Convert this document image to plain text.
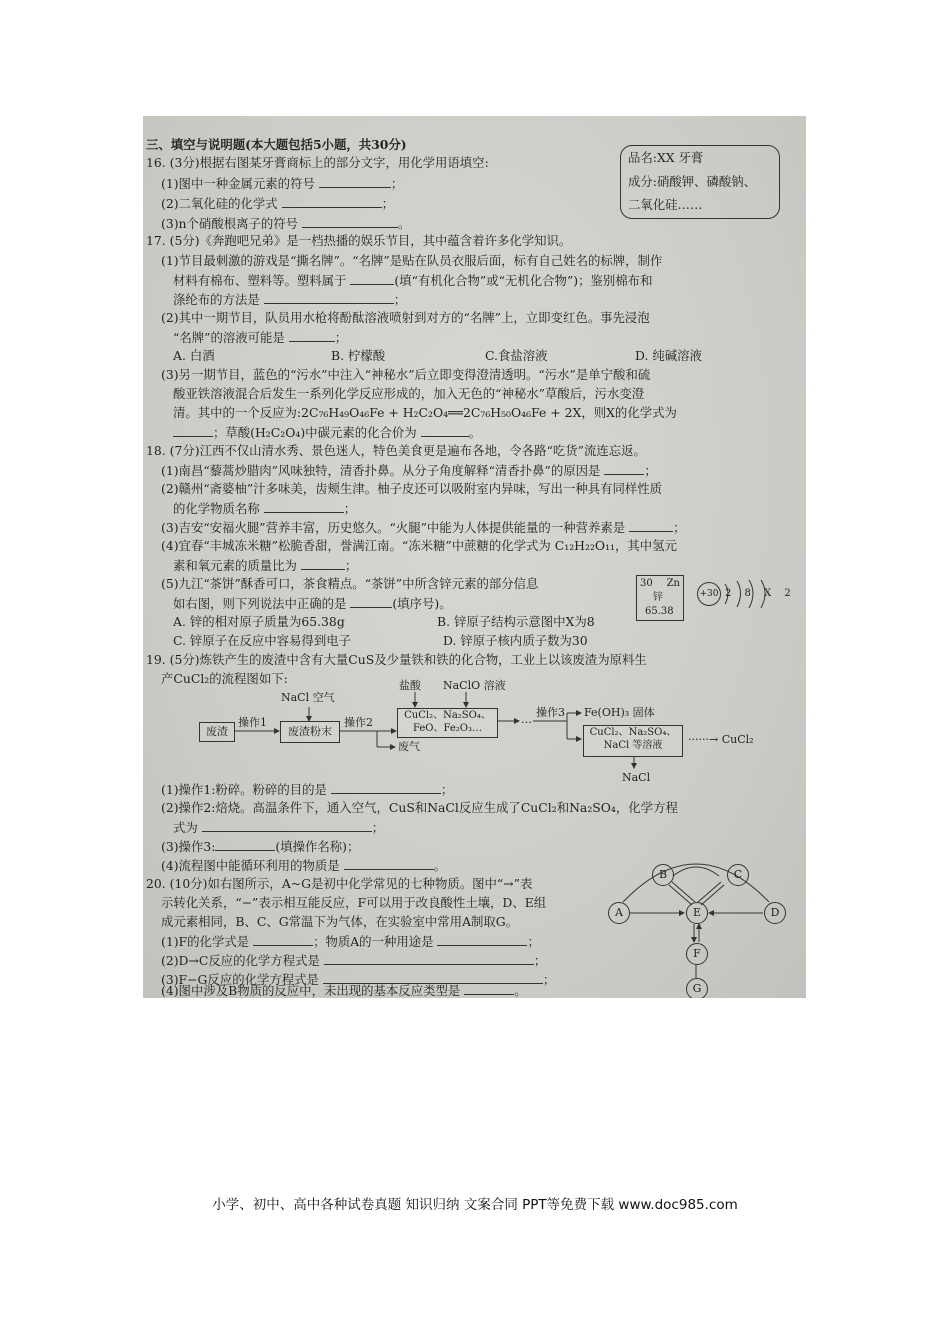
三、填空与说明题(本大题包括5小题，共30分)
品名:XX 牙膏
成分:硝酸钾、磷酸钠、
二氧化硅……
16. (3分)根据右图某牙膏商标上的部分文字，用化学用语填空:
(1)图中一种金属元素的符号	；
(2)二氧化硅的化学式	；
(3)n个硝酸根离子的符号	。
17. (5分)《奔跑吧兄弟》是一档热播的娱乐节目，其中蕴含着许多化学知识。
(1)节目最刺激的游戏是“撕名牌”。“名牌”是贴在队员衣服后面，标有自己姓名的标牌，制作
材料有棉布、塑料等。塑料属于	(填“有机化合物”或“无机化合物”)；鉴别棉布和
涤纶布的方法是	；
(2)其中一期节目，队员用水枪将酚酞溶液喷射到对方的“名牌”上，立即变红色。事先浸泡
“名牌”的溶液可能是	；
A. 白酒	B. 柠檬酸	C.食盐溶液	D. 纯碱溶液
(3)另一期节目，蓝色的“污水”中注入“神秘水”后立即变得澄清透明。“污水”是单宁酸和硫
酸亚铁溶液混合后发生一系列化学反应形成的，加入无色的“神秘水”草酸后，污水变澄
清。其中的一个反应为:2C₇₆H₄₉O₄₆Fe + H₂C₂O₄══2C₇₆H₅₀O₄₆Fe + 2X，则X的化学式为
；草酸(H₂C₂O₄)中碳元素的化合价为	。
18. (7分)江西不仅山清水秀、景色迷人，特色美食更是遍布各地，令各路“吃货”流连忘返。
(1)南昌“藜蒿炒腊肉”风味独特，清香扑鼻。从分子角度解释“清香扑鼻”的原因是	；
(2)赣州“斋婆柚”汁多味美，齿颊生津。柚子皮还可以吸附室内异味，写出一种具有同样性质
的化学物质名称	；
(3)吉安“安福火腿”营养丰富，历史悠久。“火腿”中能为人体提供能量的一种营养素是	；
(4)宜春“丰城冻米糖”松脆香甜，誉满江南。“冻米糖”中蔗糖的化学式为 C₁₂H₂₂O₁₁，其中氢元
素和氧元素的质量比为	；
(5)九江“茶饼”酥香可口，茶食精点。“茶饼”中所含锌元素的部分信息
如右图，则下列说法中正确的是	(填序号)。
A. 锌的相对原子质量为65.38g	B. 锌原子结构示意图中X为8
C. 锌原子在反应中容易得到电子	D. 锌原子核内质子数为30
30 Zn
锌
65.38
+30 2 8 X 2
19. (5分)炼铁产生的废渣中含有大量CuS及少量铁和铁的化合物，工业上以该废渣为原料生
产CuCl₂的流程图如下:
NaCl 空气
废渣
操作1
废渣粉末
操作2
盐酸 NaClO 溶液
CuCl₂、Na₂SO₄、
FeO、Fe₂O₃…
废气
…
操作3 Fe(OH)₃ 固体
CuCl₂、Na₂SO₄、
NaCl 等溶液	······→ CuCl₂
NaCl
(1)操作1:粉碎。粉碎的目的是	；
(2)操作2:焙烧。高温条件下，通入空气，CuS和NaCl反应生成了CuCl₂和Na₂SO₄，化学方程
式为	；
(3)操作3:	(填操作名称)；
(4)流程图中能循环利用的物质是	。
20. (10分)如右图所示，A~G是初中化学常见的七种物质。图中“→”表
示转化关系，“−”表示相互能反应，F可以用于改良酸性土壤，D、E组
成元素相同，B、C、G常温下为气体，在实验室中常用A制取G。
(1)F的化学式是	；物质A的一种用途是	；
(2)D→C反应的化学方程式是	；
(3)F−G反应的化学方程式是	；
(4)图中涉及B物质的反应中，未出现的基本反应类型是	。
A
B	C
D
E
F
G
小学、初中、高中各种试卷真题 知识归纳 文案合同 PPT等免费下载 www.doc985.com
